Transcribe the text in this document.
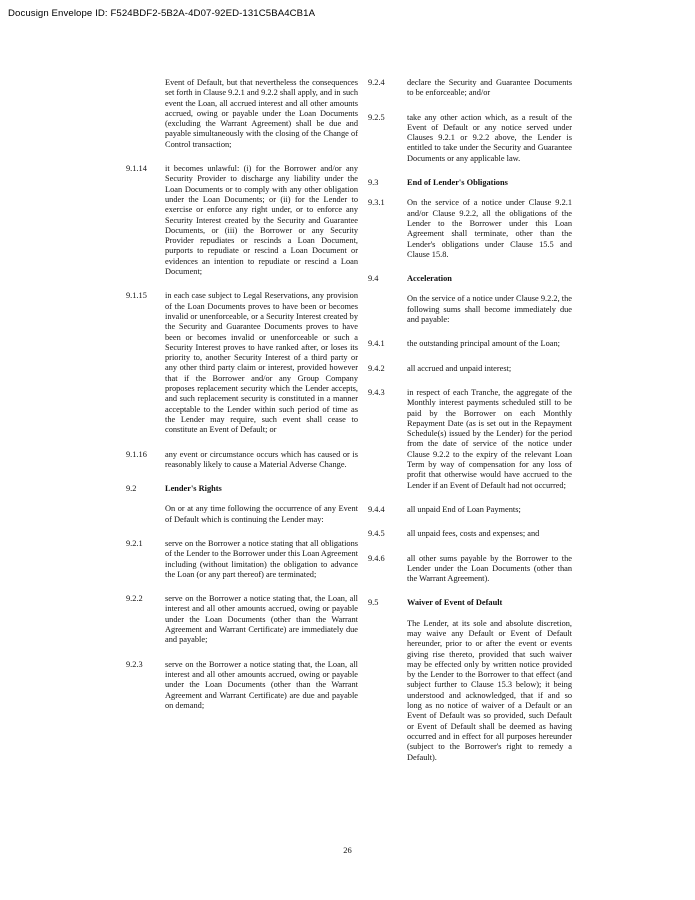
Docusign Envelope ID: F524BDF2-5B2A-4D07-92ED-131C5BA4CB1A
Event of Default, but that nevertheless the consequences set forth in Clause 9.2.1 and 9.2.2 shall apply, and in such event the Loan, all accrued interest and all other amounts accrued, owing or payable under the Loan Documents (excluding the Warrant Agreement) shall be due and payable simultaneously with the closing of the Change of Control transaction;
9.1.14	it becomes unlawful: (i) for the Borrower and/or any Security Provider to discharge any liability under the Loan Documents or to comply with any other obligation under the Loan Documents; or (ii) for the Lender to exercise or enforce any right under, or to enforce any Security Interest created by the Security and Guarantee Documents, or (iii) the Borrower or any Security Provider repudiates or rescinds a Loan Document, purports to repudiate or rescind a Loan Document or evidences an intention to repudiate or rescind a Loan Document;
9.1.15	in each case subject to Legal Reservations, any provision of the Loan Documents proves to have been or becomes invalid or unenforceable, or a Security Interest created by the Security and Guarantee Documents proves to have been or becomes invalid or unenforceable or such a Security Interest proves to have ranked after, or loses its priority to, another Security Interest of a third party or any other third party claim or interest, provided however that if the Borrower and/or any Group Company proposes replacement security which the Lender accepts, and such replacement security is constituted in a manner acceptable to the Lender within such period of time as the Lender may require, such event shall cease to constitute an Event of Default; or
9.1.16	any event or circumstance occurs which has caused or is reasonably likely to cause a Material Adverse Change.
9.2	Lender's Rights
On or at any time following the occurrence of any Event of Default which is continuing the Lender may:
9.2.1	serve on the Borrower a notice stating that all obligations of the Lender to the Borrower under this Loan Agreement including (without limitation) the obligation to advance the Loan (or any part thereof) are terminated;
9.2.2	serve on the Borrower a notice stating that, the Loan, all interest and all other amounts accrued, owing or payable under the Loan Documents (other than the Warrant Agreement and Warrant Certificate) are immediately due and payable;
9.2.3	serve on the Borrower a notice stating that, the Loan, all interest and all other amounts accrued, owing or payable under the Loan Documents (other than the Warrant Agreement and Warrant Certificate) are due and payable on demand;
9.2.4	declare the Security and Guarantee Documents to be enforceable; and/or
9.2.5	take any other action which, as a result of the Event of Default or any notice served under Clauses 9.2.1 or 9.2.2 above, the Lender is entitled to take under the Security and Guarantee Documents or any applicable law.
9.3	End of Lender's Obligations
9.3.1	On the service of a notice under Clause 9.2.1 and/or Clause 9.2.2, all the obligations of the Lender to the Borrower under this Loan Agreement shall terminate, other than the Lender's obligations under Clause 15.5 and Clause 15.8.
9.4	Acceleration
On the service of a notice under Clause 9.2.2, the following sums shall become immediately due and payable:
9.4.1	the outstanding principal amount of the Loan;
9.4.2	all accrued and unpaid interest;
9.4.3	in respect of each Tranche, the aggregate of the Monthly interest payments scheduled still to be paid by the Borrower on each Monthly Repayment Date (as is set out in the Repayment Schedule(s) issued by the Lender) for the period from the date of service of the notice under Clause 9.2.2 to the expiry of the relevant Loan Term by way of compensation for any loss of profit that otherwise would have accrued to the Lender if an Event of Default had not occurred;
9.4.4	all unpaid End of Loan Payments;
9.4.5	all unpaid fees, costs and expenses; and
9.4.6	all other sums payable by the Borrower to the Lender under the Loan Documents (other than the Warrant Agreement).
9.5	Waiver of Event of Default
The Lender, at its sole and absolute discretion, may waive any Default or Event of Default hereunder, prior to or after the event or events giving rise thereto, provided that such waiver may be effected only by written notice provided by the Lender to the Borrower to that effect (and subject further to Clause 15.3 below); it being understood and acknowledged, that if and so long as no notice of waiver of a Default or an Event of Default was so provided, such Default or Event of Default shall be deemed as having occurred and in effect for all purposes hereunder (subject to the Borrower's right to remedy a Default).
26
